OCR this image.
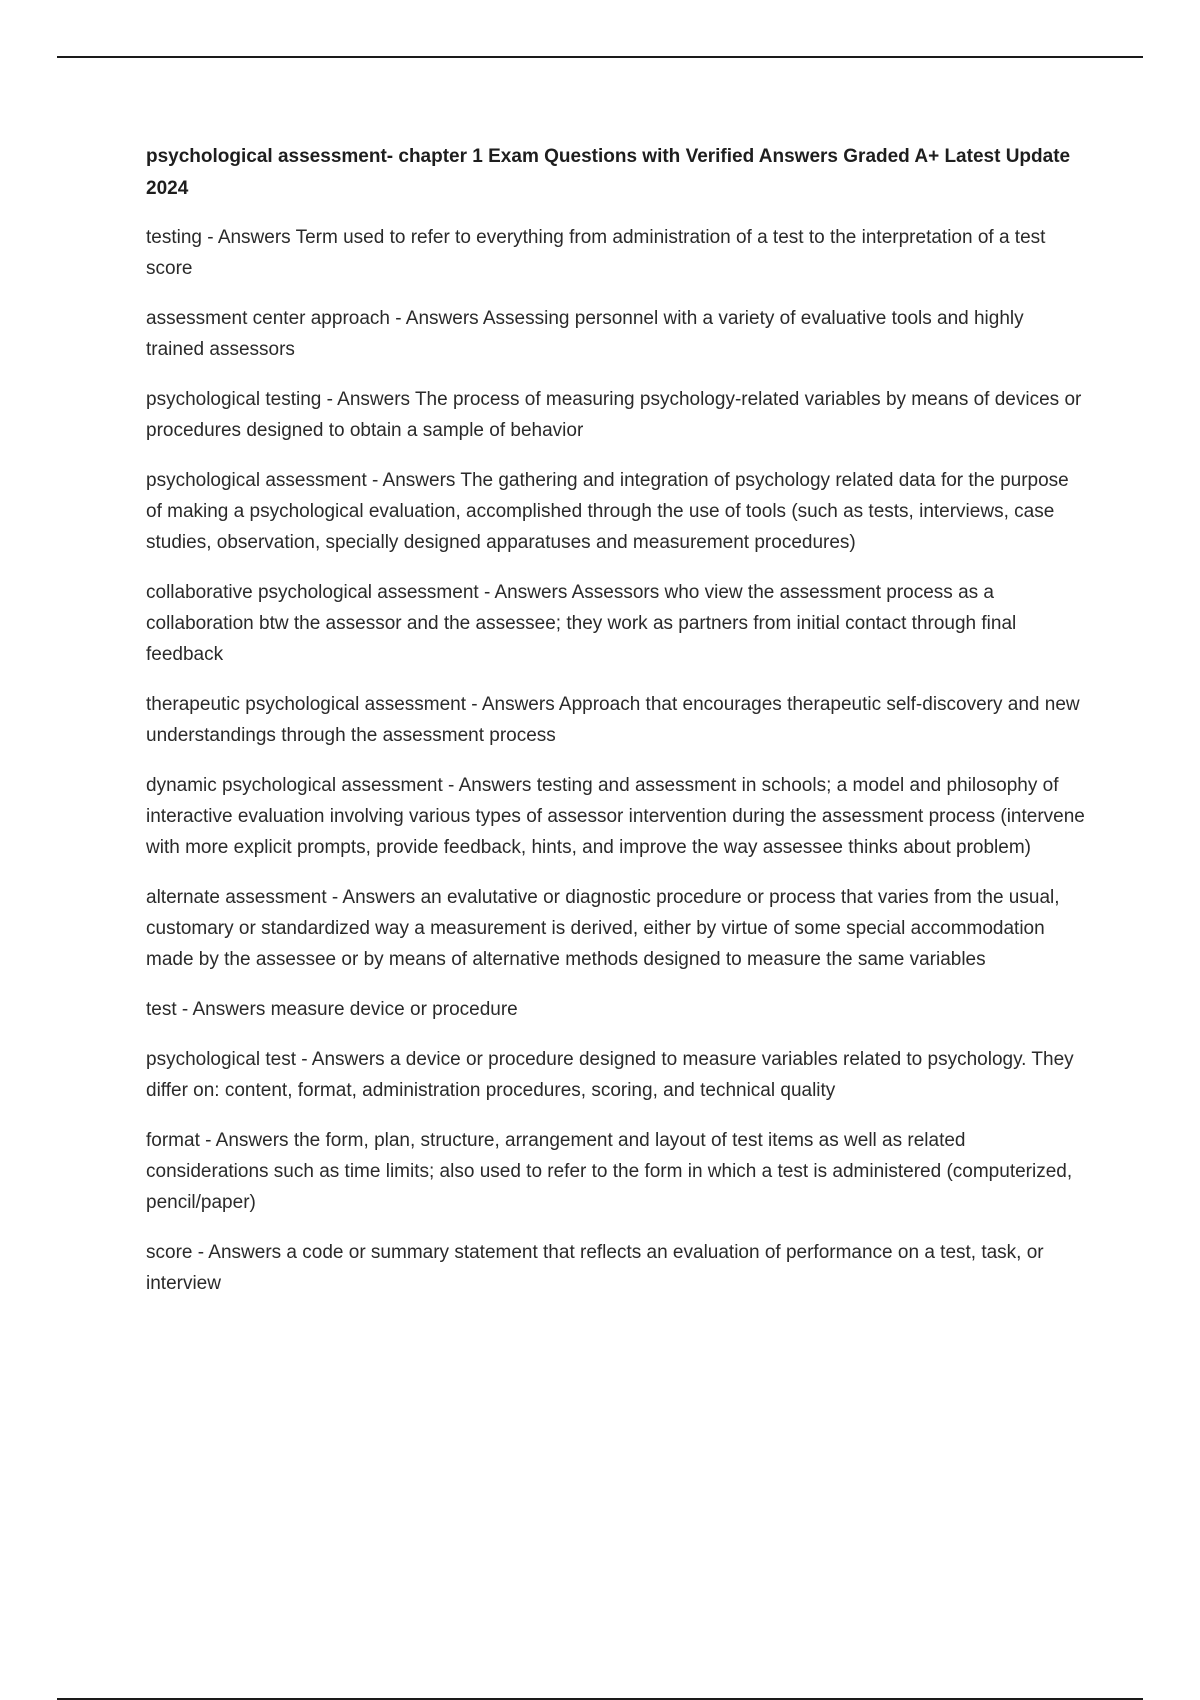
psychological assessment- chapter 1 Exam Questions with Verified Answers Graded A+ Latest Update 2024
testing - Answers Term used to refer to everything from administration of a test to the interpretation of a test score
assessment center approach - Answers Assessing personnel with a variety of evaluative tools and highly trained assessors
psychological testing - Answers The process of measuring psychology-related variables by means of devices or procedures designed to obtain a sample of behavior
psychological assessment - Answers The gathering and integration of psychology related data for the purpose of making a psychological evaluation, accomplished through the use of tools (such as tests, interviews, case studies, observation, specially designed apparatuses and measurement procedures)
collaborative psychological assessment - Answers Assessors who view the assessment process as a collaboration btw the assessor and the assessee; they work as partners from initial contact through final feedback
therapeutic psychological assessment - Answers Approach that encourages therapeutic self-discovery and new understandings through the assessment process
dynamic psychological assessment - Answers testing and assessment in schools; a model and philosophy of interactive evaluation involving various types of assessor intervention during the assessment process (intervene with more explicit prompts, provide feedback, hints, and improve the way assessee thinks about problem)
alternate assessment - Answers an evalutative or diagnostic procedure or process that varies from the usual, customary or standardized way a measurement is derived, either by virtue of some special accommodation made by the assessee or by means of alternative methods designed to measure the same variables
test - Answers measure device or procedure
psychological test - Answers a device or procedure designed to measure variables related to psychology. They differ on: content, format, administration procedures, scoring, and technical quality
format - Answers the form, plan, structure, arrangement and layout of test items as well as related considerations such as time limits; also used to refer to the form in which a test is administered (computerized, pencil/paper)
score - Answers a code or summary statement that reflects an evaluation of performance on a test, task, or interview
